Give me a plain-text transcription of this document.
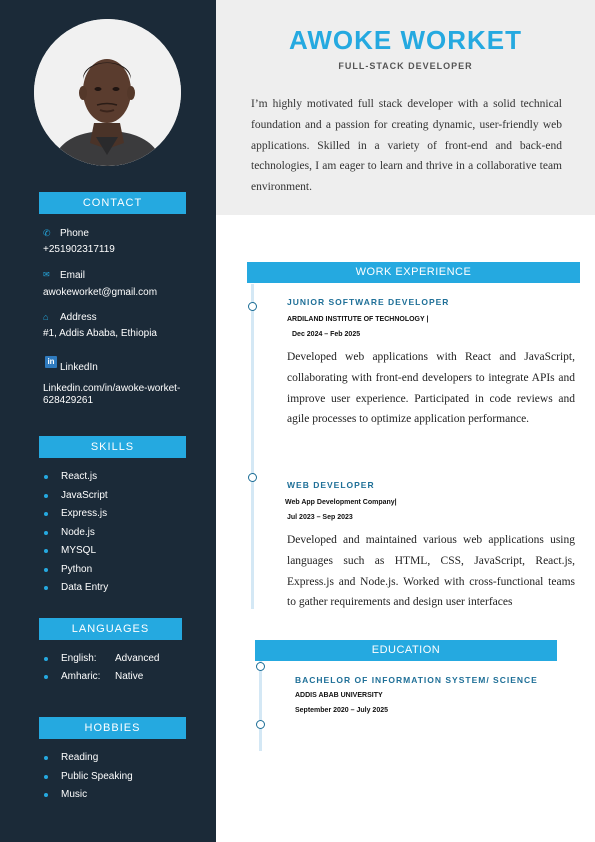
CONTACT
✆ Phone
+251902317119
✉ Email
awokeworket@gmail.com
⌂ Address
#1, Addis Ababa, Ethiopia
in
LinkedIn
Linkedin.com/in/awoke-worket-628429261
SKILLS
React.js
JavaScript
Express.js
Node.js
MYSQL
Python
Data Entry
LANGUAGES
English: Advanced
Amharic: Native
HOBBIES
Reading
Public Speaking
Music
AWOKE WORKET
FULL-STACK DEVELOPER

I’m highly motivated full stack developer with a solid technical foundation and a passion for creating dynamic, user-friendly web applications. Skilled in a variety of front-end and back-end technologies, I am eager to learn and thrive in a collaborative team environment.

WORK EXPERIENCE
JUNIOR SOFTWARE DEVELOPER
ARDILAND INSTITUTE OF TECHNOLOGY |
Dec 2024 – Feb 2025

Developed web applications with React and JavaScript, collaborating with front-end developers to integrate APIs and improve user experience. Participated in code reviews and agile processes to optimize application performance.

WEB DEVELOPER
Web App Development Company|
Jul 2023 – Sep 2023

Developed and maintained various web applications using languages such as HTML, CSS, JavaScript, React.js, Express.js and Node.js. Worked with cross-functional teams to gather requirements and design user interfaces

EDUCATION
BACHELOR OF INFORMATION SYSTEM/ SCIENCE
ADDIS ABAB UNIVERSITY
September 2020 – July 2025
